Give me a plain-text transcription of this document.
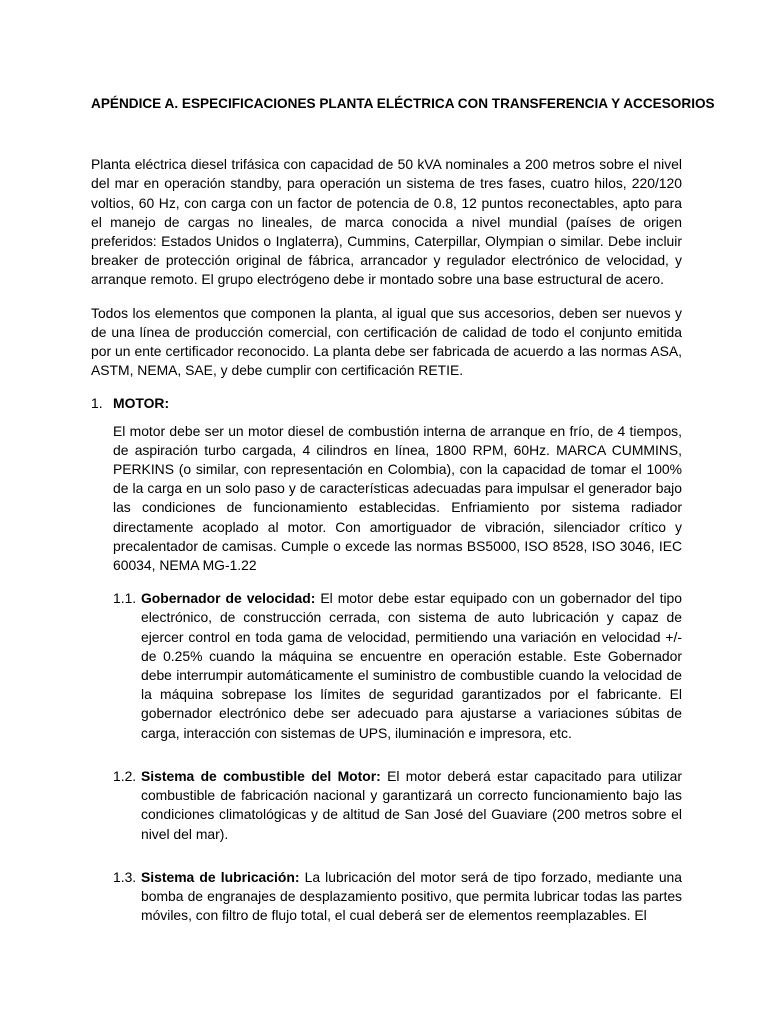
APÉNDICE A. ESPECIFICACIONES PLANTA ELÉCTRICA CON TRANSFERENCIA Y ACCESORIOS

Planta eléctrica diesel trifásica con capacidad de 50 kVA nominales a 200 metros sobre el nivel del mar en operación standby, para operación un sistema de tres fases, cuatro hilos, 220/120 voltios, 60 Hz, con carga con un factor de potencia de 0.8, 12 puntos reconectables, apto para el manejo de cargas no lineales, de marca conocida a nivel mundial (países de origen preferidos: Estados Unidos o Inglaterra), Cummins, Caterpillar, Olympian o similar. Debe incluir breaker de protección original de fábrica, arrancador y regulador electrónico de velocidad, y arranque remoto. El grupo electrógeno debe ir montado sobre una base estructural de acero.

Todos los elementos que componen la planta, al igual que sus accesorios, deben ser nuevos y de una línea de producción comercial, con certificación de calidad de todo el conjunto emitida por un ente certificador reconocido. La planta debe ser fabricada de acuerdo a las normas ASA, ASTM, NEMA, SAE, y debe cumplir con certificación RETIE.

1. MOTOR:

El motor debe ser un motor diesel de combustión interna de arranque en frío, de 4 tiempos, de aspiración turbo cargada, 4 cilindros en línea, 1800 RPM, 60Hz. MARCA CUMMINS, PERKINS (o similar, con representación en Colombia), con la capacidad de tomar el 100% de la carga en un solo paso y de características adecuadas para impulsar el generador bajo las condiciones de funcionamiento establecidas. Enfriamiento por sistema radiador directamente acoplado al motor. Con amortiguador de vibración, silenciador crítico y precalentador de camisas. Cumple o excede las normas BS5000, ISO 8528, ISO 3046, IEC 60034, NEMA MG-1.22

1.1. Gobernador de velocidad: El motor debe estar equipado con un gobernador del tipo electrónico, de construcción cerrada, con sistema de auto lubricación y capaz de ejercer control en toda gama de velocidad, permitiendo una variación en velocidad +/- de 0.25% cuando la máquina se encuentre en operación estable. Este Gobernador debe interrumpir automáticamente el suministro de combustible cuando la velocidad de la máquina sobrepase los límites de seguridad garantizados por el fabricante. El gobernador electrónico debe ser adecuado para ajustarse a variaciones súbitas de carga, interacción con sistemas de UPS, iluminación e impresora, etc.
1.2. Sistema de combustible del Motor: El motor deberá estar capacitado para utilizar combustible de fabricación nacional y garantizará un correcto funcionamiento bajo las condiciones climatológicas y de altitud de San José del Guaviare (200 metros sobre el nivel del mar).
1.3. Sistema de lubricación: La lubricación del motor será de tipo forzado, mediante una bomba de engranajes de desplazamiento positivo, que permita lubricar todas las partes móviles, con filtro de flujo total, el cual deberá ser de elementos reemplazables. El
